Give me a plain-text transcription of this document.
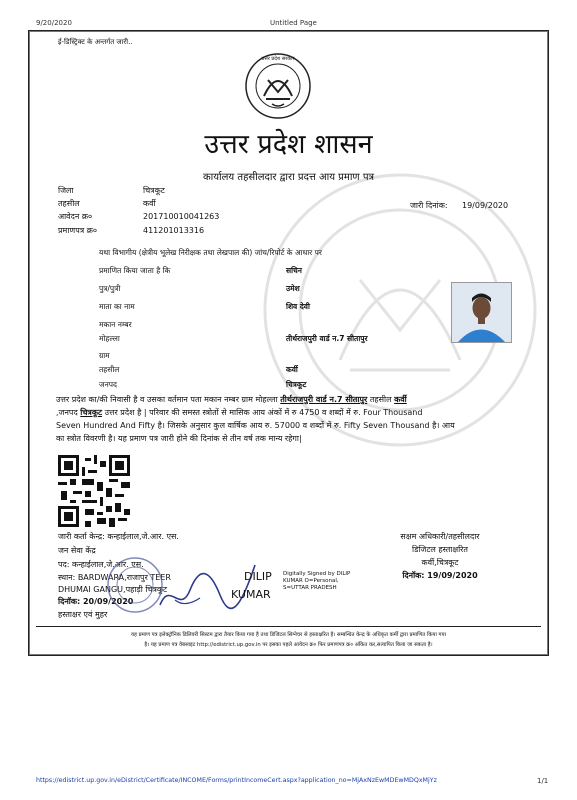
9/20/2020	Untitled Page
https://edistrict.up.gov.in/eDistrict/Certificate/INCOME/Forms/printIncomeCert.aspx?application_no=MjAxNzEwMDEwMDQxMjYz	1/1
ई-डिस्ट्रिक्ट के अन्तर्गत जारी..
उत्तर प्रदेश सरकार
उत्तर प्रदेश शासन
कार्यालय तहसीलदार द्वारा प्रदत्त आय प्रमाण पत्र
जिला	चित्रकूट
तहसील	कर्वी
आवेदन क्र०	201710010041263
प्रमाणपत्र क्र०	411201013316
जारी दिनांक: 19/09/2020
यथा विभागीय (क्षेत्रीय भूलेख निरीक्षक तथा लेखपाल की) जांच/रिपोर्ट के आधार पर
प्रमाणित किया जाता है कि	सचिन
पुत्र/पुत्री	उमेश
माता का नाम	शिव देवी
मकान नम्बर
मोहल्ला	तीर्थराजपुरी वार्ड न.7 सीतापुर
ग्राम
तहसील	कर्वी
जनपद	चित्रकूट
उत्तर प्रदेश का/की निवासी है व उसका वर्तमान पता मकान नम्बर ग्राम मोहल्ला तीर्थराजपुरी वार्ड न.7 सीतापुर तहसील कर्वी
,जनपद चित्रकूट उत्तर प्रदेश है | परिवार की समस्त स्त्रोतों से मासिक आय अंकों में रु 4750 व शब्दों में रु. Four Thousand
Seven Hundred And Fifty है। जिसके अनुसार कुल वार्षिक आय रु. 57000 व शब्दों में रु. Fifty Seven Thousand है। आय
का स्त्रोत विवरणी है। यह प्रमाण पत्र जारी होने की दिनांक से तीन वर्ष तक मान्य रहेगा|
जारी कर्ता केन्द्र: कन्हाईलाल,जे.आर. एस.
जन सेवा केंद्र
पद: कन्हाईलाल,जे.आर. एस.
स्थान: BARDWARA,राजापुर TEER
DHUMAI GANGU,पहाड़ी चित्रकूट
दिनॉक: 20/09/2020
हस्ताक्षर एवं मुहर
DILIP
KUMAR
Digitally Signed by DILIP
KUMAR O=Personal,
S=UTTAR PRADESH
सक्षम अधिकारी/तहसीलदार
डिजिटल हस्ताक्षरित
कर्वी,चित्रकूट
दिनॉक: 19/09/2020
यह प्रमाण पत्र इलेक्ट्रॉनिक डिलिवरी सिस्टम द्वारा तैयार किया गया है तथा डिजिटल सिग्नेचर से हस्ताक्षरित है। सम्बन्धित केन्द्र के अधिकृत कर्मी द्वारा प्रमाणित किया गया
है। यह प्रमाण पत्र वेबसाइट http://edistrict.up.gov.in पर इसका पहले आवेदन क्र० फिर प्रमाणपत्र क्र० अंकित कर,सत्यापित किया जा सकता है।
